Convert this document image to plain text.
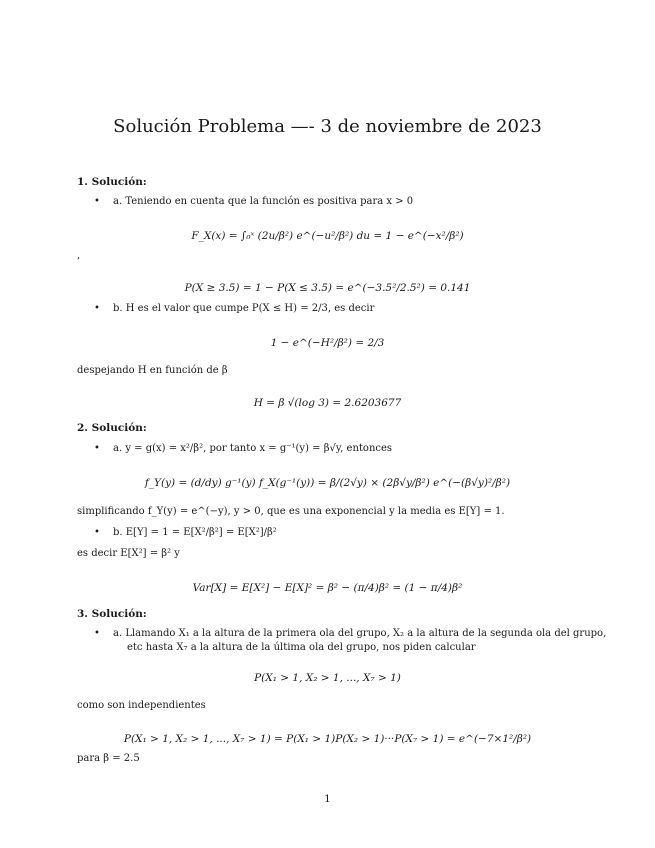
Solución Problema —- 3 de noviembre de 2023
1. Solución:
• a. Teniendo en cuenta que la función es positiva para x > 0
F_X(x) = ∫₀ˣ (2u/β²) e^(−u²/β²) du = 1 − e^(−x²/β²)
,
P(X ≥ 3.5) = 1 − P(X ≤ 3.5) = e^(−3.5²/2.5²) = 0.141
• b. H es el valor que cumpe P(X ≤ H) = 2/3, es decir
1 − e^(−H²/β²) = 2/3
despejando H en función de β
H = β √(log 3) = 2.6203677
2. Solución:
• a. y = g(x) = x²/β², por tanto x = g⁻¹(y) = β√y, entonces
f_Y(y) = (d/dy) g⁻¹(y) f_X(g⁻¹(y)) = β/(2√y) × (2β√y/β²) e^(−(β√y)²/β²)
simplificando f_Y(y) = e^(−y), y > 0, que es una exponencial y la media es E[Y] = 1.
• b. E[Y] = 1 = E[X²/β²] = E[X²]/β²
es decir E[X²] = β² y
Var[X] = E[X²] − E[X]² = β² − (π/4)β² = (1 − π/4)β²
3. Solución:
• a. Llamando X₁ a la altura de la primera ola del grupo, X₂ a la altura de la segunda ola del grupo,
etc hasta X₇ a la altura de la última ola del grupo, nos piden calcular
P(X₁ > 1, X₂ > 1, ..., X₇ > 1)
como son independientes
P(X₁ > 1, X₂ > 1, ..., X₇ > 1) = P(X₁ > 1)P(X₂ > 1)···P(X₇ > 1) = e^(−7×1²/β²)
para β = 2.5
1
